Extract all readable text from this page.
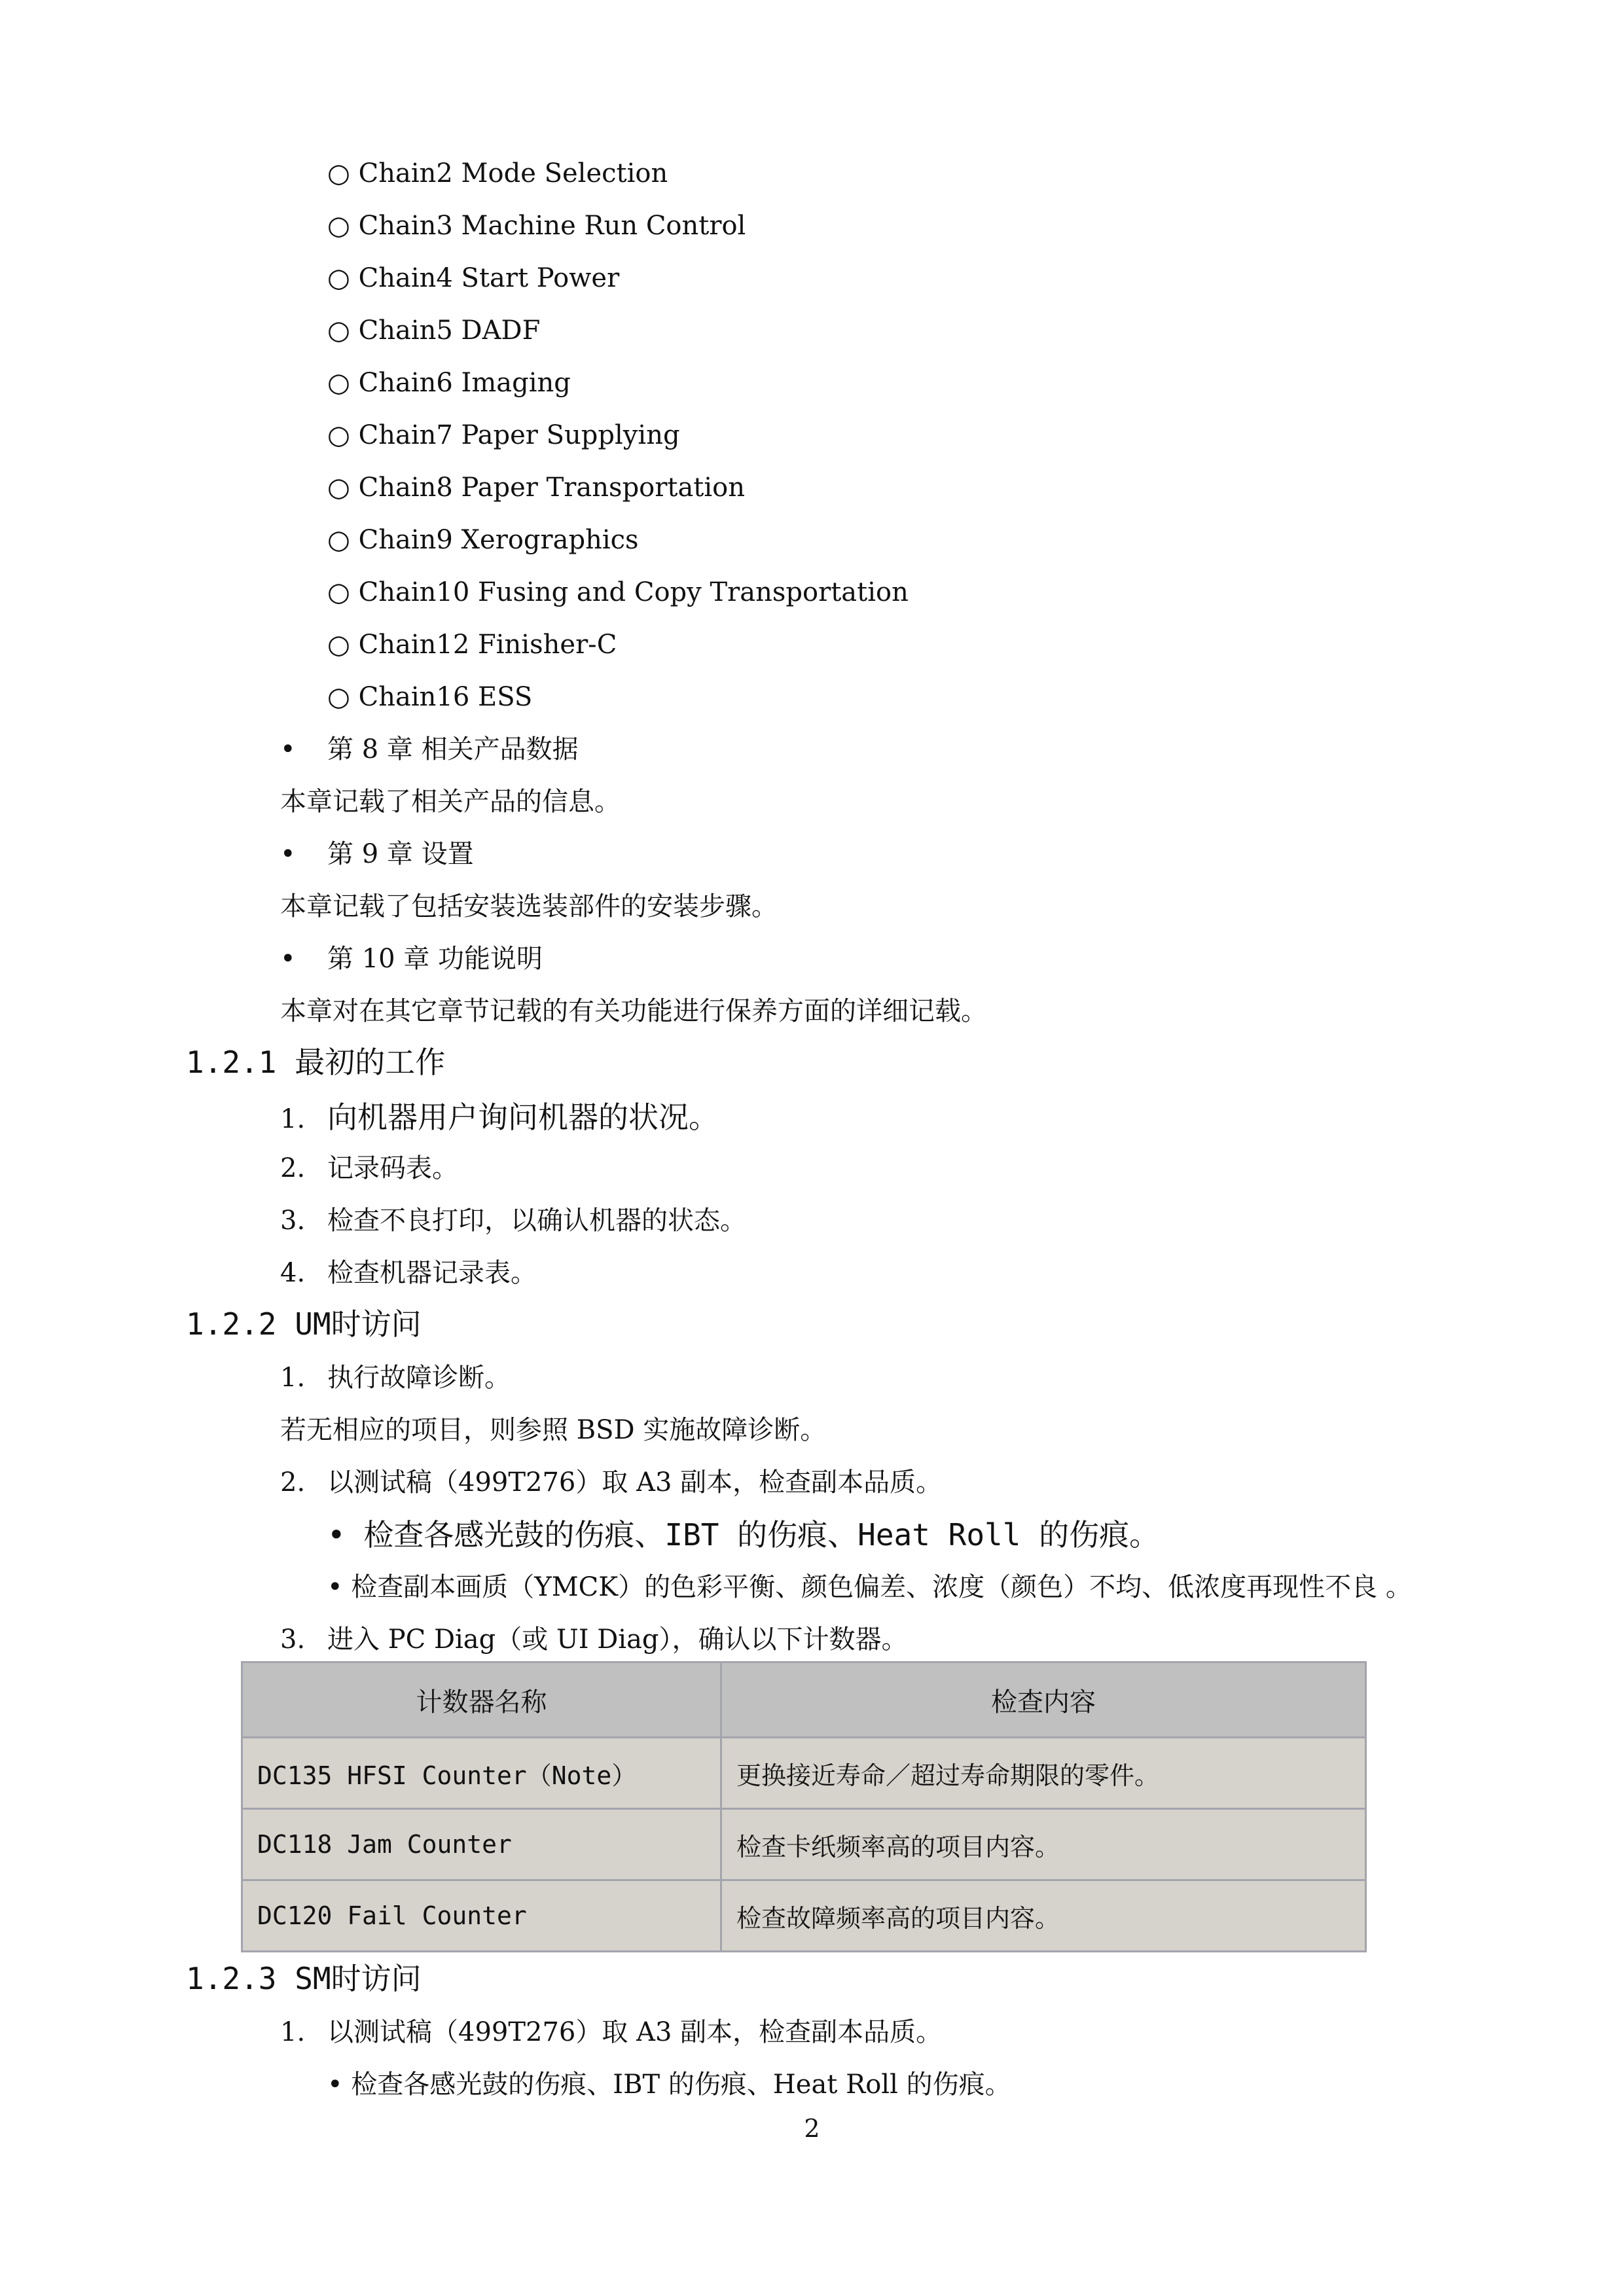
○ Chain2 Mode Selection
○ Chain3 Machine Run Control
○ Chain4 Start Power
○ Chain5 DADF
○ Chain6 Imaging
○ Chain7 Paper Supplying
○ Chain8 Paper Transportation
○ Chain9 Xerographics
○ Chain10 Fusing and Copy Transportation
○ Chain12 Finisher-C
○ Chain16 ESS
• 第 8 章 相关产品数据
本章记载了相关产品的信息。
• 第 9 章 设置
本章记载了包括安装选装部件的安装步骤。
• 第 10 章 功能说明
本章对在其它章节记载的有关功能进行保养方面的详细记载。
1.2.1 最初的工作
1. 向机器用户询问机器的状况。
2. 记录码表。
3. 检查不良打印，以确认机器的状态。
4. 检查机器记录表。
1.2.2 UM时访问
1. 执行故障诊断。
若无相应的项目，则参照 BSD 实施故障诊断。
2. 以测试稿（499T276）取 A3 副本，检查副本品质。
• 检查各感光鼓的伤痕、IBT 的伤痕、Heat Roll 的伤痕。
• 检查副本画质（YMCK）的色彩平衡、颜色偏差、浓度（颜色）不均、低浓度再现性不良 。
3. 进入 PC Diag（或 UI Diag），确认以下计数器。
计数器名称	检查内容
DC135 HFSI Counter（Note）	更换接近寿命／超过寿命期限的零件。
DC118 Jam Counter	检查卡纸频率高的项目内容。
DC120 Fail Counter	检查故障频率高的项目内容。
1.2.3 SM时访问
1. 以测试稿（499T276）取 A3 副本，检查副本品质。
• 检查各感光鼓的伤痕、IBT 的伤痕、Heat Roll 的伤痕。
2
